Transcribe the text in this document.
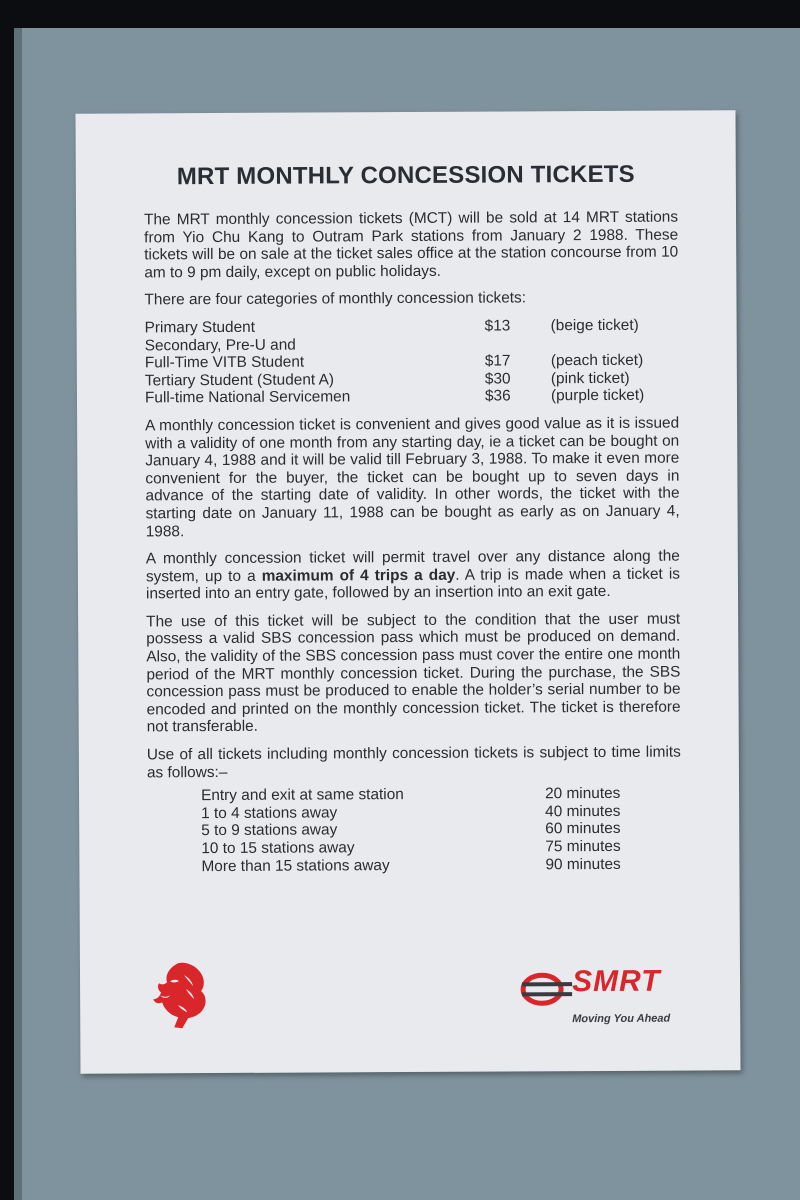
MRT MONTHLY CONCESSION TICKETS

The MRT monthly concession tickets (MCT) will be sold at 14 MRT stations from Yio Chu Kang to Outram Park stations from January 2 1988. These tickets will be on sale at the ticket sales office at the station concourse from 10 am to 9 pm daily, except on public holidays.

There are four categories of monthly concession tickets:

Primary Student	$13	(beige ticket)
Secondary, Pre-U and		
Full-Time VITB Student	$17	(peach ticket)
Tertiary Student (Student A)	$30	(pink ticket)
Full-time National Servicemen	$36	(purple ticket)

A monthly concession ticket is convenient and gives good value as it is issued with a validity of one month from any starting day, ie a ticket can be bought on January 4, 1988 and it will be valid till February 3, 1988. To make it even more convenient for the buyer, the ticket can be bought up to seven days in advance of the starting date of validity. In other words, the ticket with the starting date on January 11, 1988 can be bought as early as on January 4, 1988.

A monthly concession ticket will permit travel over any distance along the system, up to a maximum of 4 trips a day. A trip is made when a ticket is inserted into an entry gate, followed by an insertion into an exit gate.

The use of this ticket will be subject to the condition that the user must possess a valid SBS concession pass which must be produced on demand. Also, the validity of the SBS concession pass must cover the entire one month period of the MRT monthly concession ticket. During the purchase, the SBS concession pass must be produced to enable the holder’s serial number to be encoded and printed on the monthly concession ticket. The ticket is therefore not transferable.

Use of all tickets including monthly concession tickets is subject to time limits as follows:–

Entry and exit at same station	20 minutes
1 to 4 stations away	40 minutes
5 to 9 stations away	60 minutes
10 to 15 stations away	75 minutes
More than 15 stations away	90 minutes
SMRT
Moving You Ahead
